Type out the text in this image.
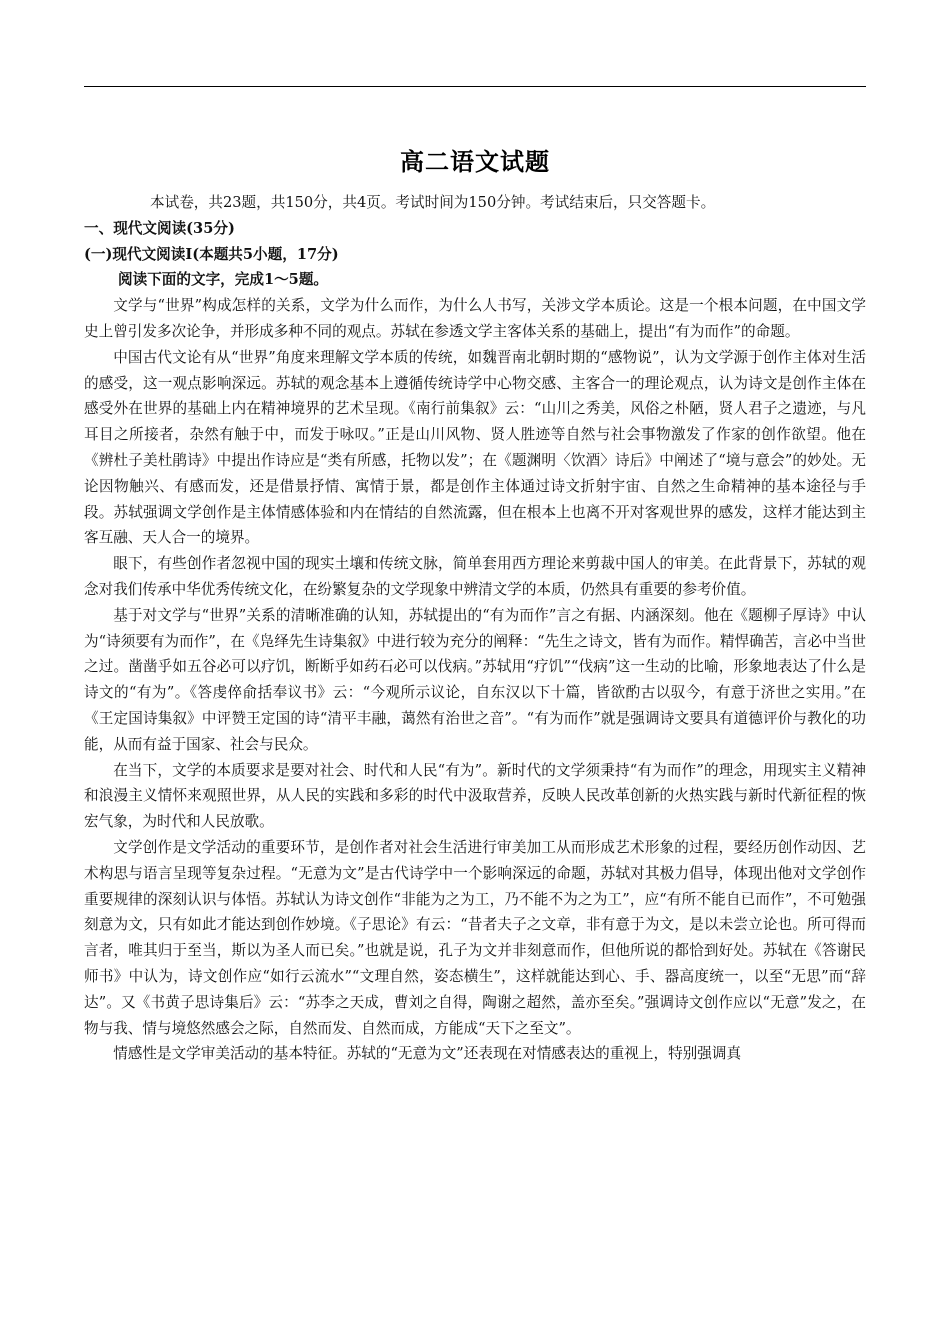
高二语文试题
本试卷，共23题，共150分，共4页。考试时间为150分钟。考试结束后，只交答题卡。
一、现代文阅读(35分)
(一)现代文阅读Ⅰ(本题共5小题，17分)
阅读下面的文字，完成1～5题。

文学与“世界”构成怎样的关系，文学为什么而作，为什么人书写，关涉文学本质论。这是一个根本问题，在中国文学史上曾引发多次论争，并形成多种不同的观点。苏轼在参透文学主客体关系的基础上，提出“有为而作”的命题。

中国古代文论有从“世界”角度来理解文学本质的传统，如魏晋南北朝时期的“感物说”，认为文学源于创作主体对生活的感受，这一观点影响深远。苏轼的观念基本上遵循传统诗学中心物交感、主客合一的理论观点，认为诗文是创作主体在感受外在世界的基础上内在精神境界的艺术呈现。《南行前集叙》云：“山川之秀美，风俗之朴陋，贤人君子之遗迹，与凡耳目之所接者，杂然有触于中，而发于咏叹。”正是山川风物、贤人胜迹等自然与社会事物激发了作家的创作欲望。他在《辨杜子美杜鹃诗》中提出作诗应是“类有所感，托物以发”；在《题渊明〈饮酒〉诗后》中阐述了“境与意会”的妙处。无论因物触兴、有感而发，还是借景抒情、寓情于景，都是创作主体通过诗文折射宇宙、自然之生命精神的基本途径与手段。苏轼强调文学创作是主体情感体验和内在情结的自然流露，但在根本上也离不开对客观世界的感发，这样才能达到主客互融、天人合一的境界。

眼下，有些创作者忽视中国的现实土壤和传统文脉，简单套用西方理论来剪裁中国人的审美。在此背景下，苏轼的观念对我们传承中华优秀传统文化，在纷繁复杂的文学现象中辨清文学的本质，仍然具有重要的参考价值。

基于对文学与“世界”关系的清晰准确的认知，苏轼提出的“有为而作”言之有据、内涵深刻。他在《题柳子厚诗》中认为“诗须要有为而作”，在《凫绎先生诗集叙》中进行较为充分的阐释：“先生之诗文，皆有为而作。精悍确苦，言必中当世之过。凿凿乎如五谷必可以疗饥，断断乎如药石必可以伐病。”苏轼用“疗饥”“伐病”这一生动的比喻，形象地表达了什么是诗文的“有为”。《答虔倅俞括奉议书》云：“今观所示议论，自东汉以下十篇，皆欲酌古以驭今，有意于济世之实用。”在《王定国诗集叙》中评赞王定国的诗“清平丰融，蔼然有治世之音”。“有为而作”就是强调诗文要具有道德评价与教化的功能，从而有益于国家、社会与民众。

在当下，文学的本质要求是要对社会、时代和人民“有为”。新时代的文学须秉持“有为而作”的理念，用现实主义精神和浪漫主义情怀来观照世界，从人民的实践和多彩的时代中汲取营养，反映人民改革创新的火热实践与新时代新征程的恢宏气象，为时代和人民放歌。

文学创作是文学活动的重要环节，是创作者对社会生活进行审美加工从而形成艺术形象的过程，要经历创作动因、艺术构思与语言呈现等复杂过程。“无意为文”是古代诗学中一个影响深远的命题，苏轼对其极力倡导，体现出他对文学创作重要规律的深刻认识与体悟。苏轼认为诗文创作“非能为之为工，乃不能不为之为工”，应“有所不能自已而作”，不可勉强刻意为文，只有如此才能达到创作妙境。《子思论》有云：“昔者夫子之文章，非有意于为文，是以未尝立论也。所可得而言者，唯其归于至当，斯以为圣人而已矣。”也就是说，孔子为文并非刻意而作，但他所说的都恰到好处。苏轼在《答谢民师书》中认为，诗文创作应“如行云流水”“文理自然，姿态横生”，这样就能达到心、手、器高度统一，以至“无思”而“辞达”。又《书黄子思诗集后》云：“苏李之天成，曹刘之自得，陶谢之超然，盖亦至矣。”强调诗文创作应以“无意”发之，在物与我、情与境悠然感会之际，自然而发、自然而成，方能成“天下之至文”。

情感性是文学审美活动的基本特征。苏轼的“无意为文”还表现在对情感表达的重视上，特别强调真
